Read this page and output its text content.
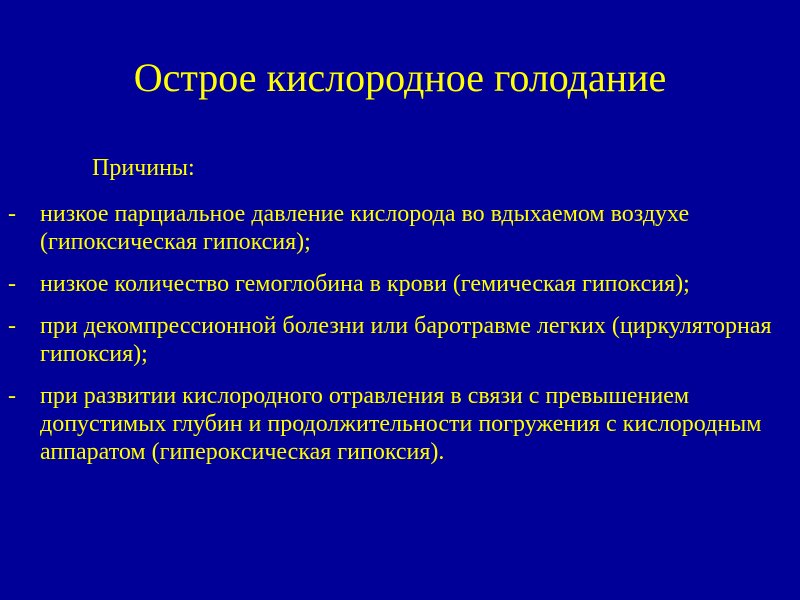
Острое кислородное голодание
Причины:
- низкое парциальное давление кислорода во вдыхаемом воздухе (гипоксическая гипоксия);
- низкое количество гемоглобина в крови (гемическая гипоксия);
- при декомпрессионной болезни или баротравме легких (циркуляторная гипоксия);
- при развитии кислородного отравления в связи с превышением допустимых глубин и продолжительности погружения с кислородным аппаратом (гипероксическая гипоксия).
